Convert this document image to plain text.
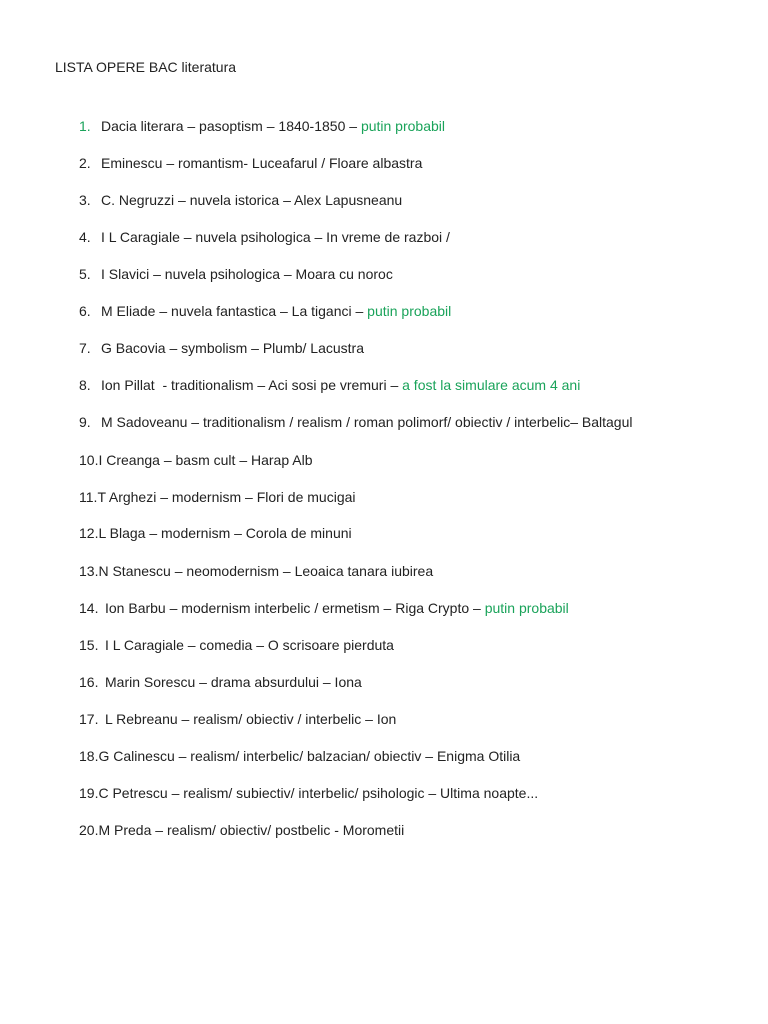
LISTA OPERE BAC literatura
1. Dacia literara – pasoptism – 1840-1850 – putin probabil
2. Eminescu – romantism- Luceafarul / Floare albastra
3. C. Negruzzi – nuvela istorica – Alex Lapusneanu
4. I L Caragiale – nuvela psihologica – In vreme de razboi /
5. I Slavici – nuvela psihologica – Moara cu noroc
6. M Eliade – nuvela fantastica – La tiganci – putin probabil
7. G Bacovia – symbolism – Plumb/ Lacustra
8. Ion Pillat  - traditionalism – Aci sosi pe vremuri – a fost la simulare acum 4 ani
9. M Sadoveanu – traditionalism / realism / roman polimorf/ obiectiv / interbelic– Baltagul
10.I Creanga – basm cult – Harap Alb
11.T Arghezi – modernism – Flori de mucigai
12.L Blaga – modernism – Corola de minuni
13.N Stanescu – neomodernism – Leoaica tanara iubirea
14. Ion Barbu – modernism interbelic / ermetism – Riga Crypto – putin probabil
15. I L Caragiale – comedia – O scrisoare pierduta
16. Marin Sorescu – drama absurdului – Iona
17. L Rebreanu – realism/ obiectiv / interbelic – Ion
18.G Calinescu – realism/ interbelic/ balzacian/ obiectiv – Enigma Otilia
19.C Petrescu – realism/ subiectiv/ interbelic/ psihologic – Ultima noapte...
20.M Preda – realism/ obiectiv/ postbelic - Morometii
